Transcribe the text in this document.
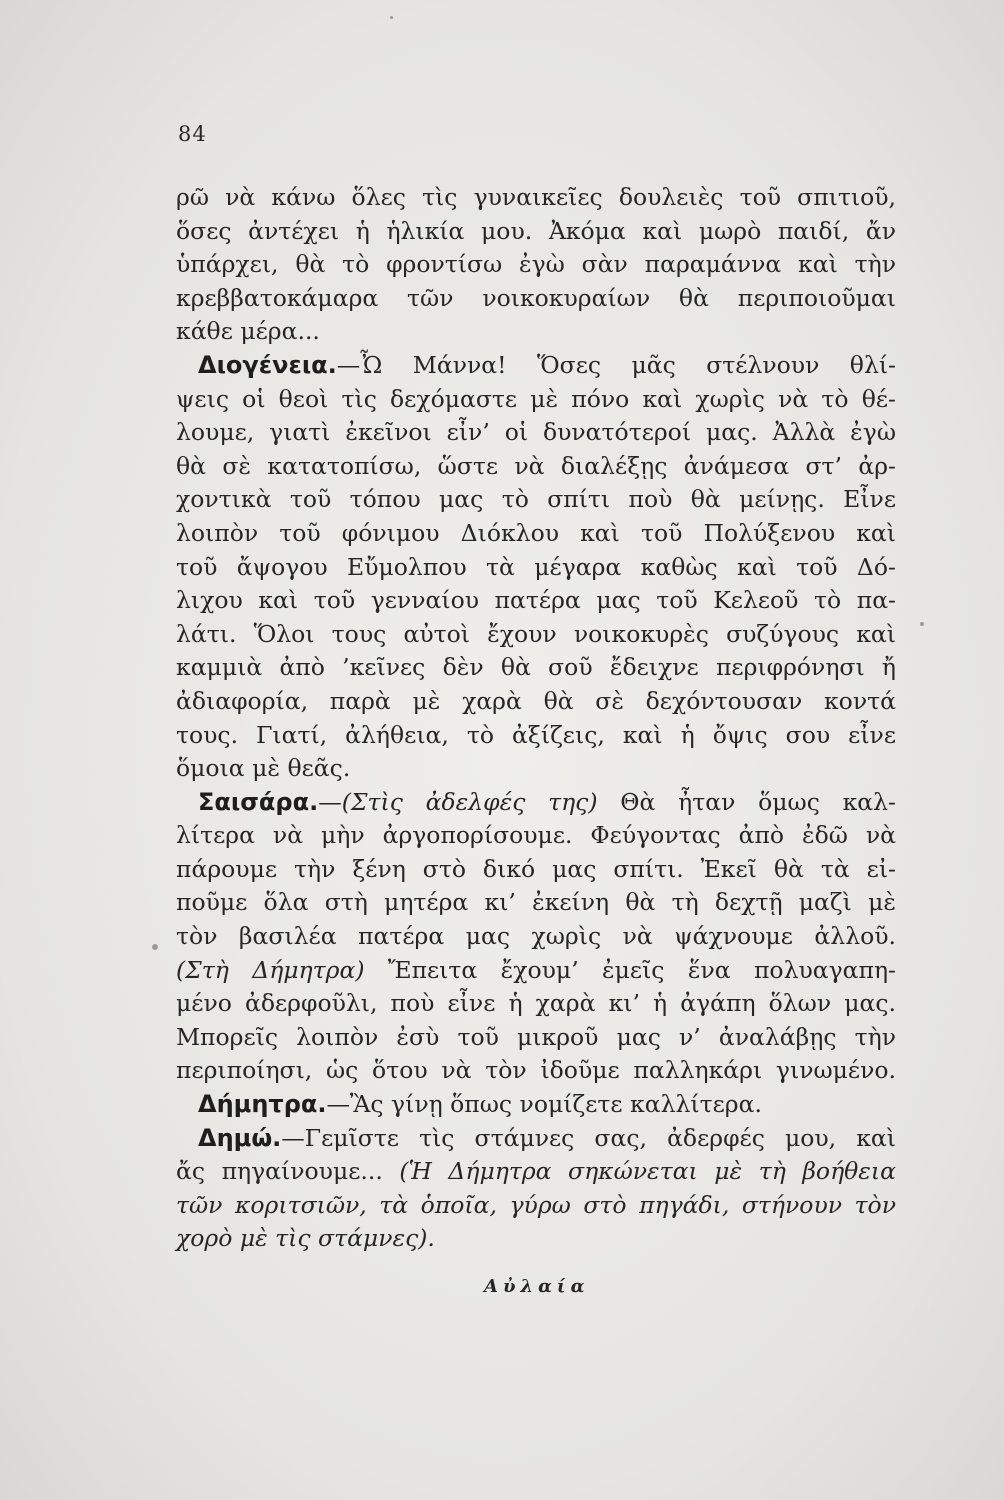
84
ρῶ νὰ κάνω ὅλες τὶς γυναικεῖες δουλειὲς τοῦ σπιτιοῦ,
ὅσες ἀντέχει ἡ ἡλικία μου. Ἀκόμα καὶ μωρὸ παιδί, ἄν
ὑπάρχει, θὰ τὸ φροντίσω ἐγὼ σὰν παραμάννα καὶ τὴν
κρεββατοκάμαρα τῶν νοικοκυραίων θὰ περιποιοῦμαι
κάθε μέρα...
Διογένεια.—Ὦ Μάννα! Ὅσες μᾶς στέλνουν θλί-
ψεις οἱ θεοὶ τὶς δεχόμαστε μὲ πόνο καὶ χωρὶς νὰ τὸ θέ-
λουμε, γιατὶ ἐκεῖνοι εἶν’ οἱ δυνατότεροί μας. Ἀλλὰ ἐγὼ
θὰ σὲ κατατοπίσω, ὥστε νὰ διαλέξῃς ἀνάμεσα στ’ ἀρ-
χοντικὰ τοῦ τόπου μας τὸ σπίτι ποὺ θὰ μείνῃς. Εἶνε
λοιπὸν τοῦ φόνιμου Διόκλου καὶ τοῦ Πολύξενου καὶ
τοῦ ἄψογου Εὔμολπου τὰ μέγαρα καθὼς καὶ τοῦ Δό-
λιχου καὶ τοῦ γενναίου πατέρα μας τοῦ Κελεοῦ τὸ πα-
λάτι. Ὅλοι τους αὐτοὶ ἔχουν νοικοκυρὲς συζύγους καὶ
καμμιὰ ἀπὸ ’κεῖνες δὲν θὰ σοῦ ἔδειχνε περιφρόνησι ἤ
ἀδιαφορία, παρὰ μὲ χαρὰ θὰ σὲ δεχόντουσαν κοντά
τους. Γιατί, ἀλήθεια, τὸ ἀξίζεις, καὶ ἡ ὄψις σου εἶνε
ὅμοια μὲ θεᾶς.
Σαισάρα.—(Στὶς ἀδελφές της) Θὰ ἦταν ὅμως καλ-
λίτερα νὰ μὴν ἀργοπορίσουμε. Φεύγοντας ἀπὸ ἐδῶ νὰ
πάρουμε τὴν ξένη στὸ δικό μας σπίτι. Ἐκεῖ θὰ τὰ εἰ-
ποῦμε ὅλα στὴ μητέρα κι’ ἐκείνη θὰ τὴ δεχτῇ μαζὶ μὲ
τὸν βασιλέα πατέρα μας χωρὶς νὰ ψάχνουμε ἀλλοῦ.
(Στὴ Δήμητρα) Ἔπειτα ἔχουμ’ ἐμεῖς ἕνα πολυαγαπη-
μένο ἀδερφοῦλι, ποὺ εἶνε ἡ χαρὰ κι’ ἡ ἀγάπη ὅλων μας.
Μπορεῖς λοιπὸν ἐσὺ τοῦ μικροῦ μας ν’ ἀναλάβῃς τὴν
περιποίησι, ὡς ὅτου νὰ τὸν ἰδοῦμε παλληκάρι γινωμένο.
Δήμητρα.—Ἂς γίνῃ ὅπως νομίζετε καλλίτερα.
Δημώ.—Γεμῖστε τὶς στάμνες σας, ἀδερφές μου, καὶ
ἄς πηγαίνουμε... (Ἡ Δήμητρα σηκώνεται μὲ τὴ βοήθεια
τῶν κοριτσιῶν, τὰ ὁποῖα, γύρω στὸ πηγάδι, στήνουν τὸν
χορὸ μὲ τὶς στάμνες).
Αὐλαία
